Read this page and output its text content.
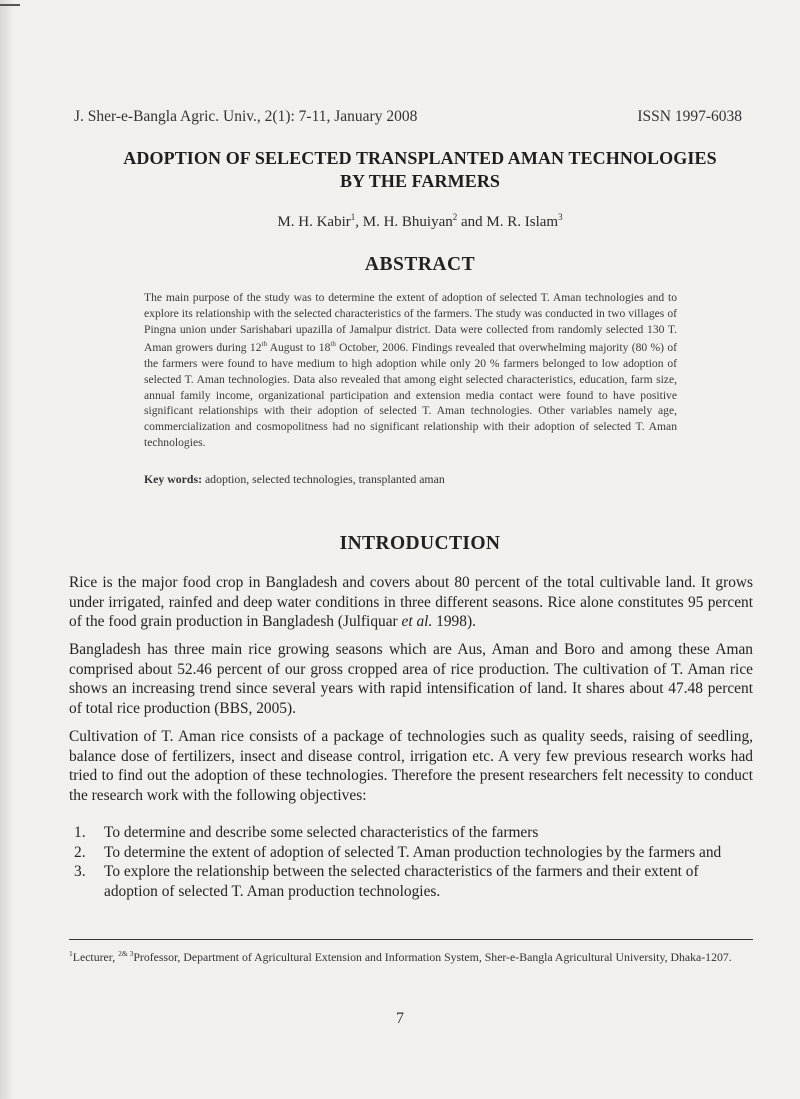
J. Sher-e-Bangla Agric. Univ., 2(1): 7-11, January 2008	ISSN 1997-6038
ADOPTION OF SELECTED TRANSPLANTED AMAN TECHNOLOGIES
BY THE FARMERS
M. H. Kabir$^1$, M. H. Bhuiyan$^2$ and M. R. Islam$^3$
ABSTRACT
The main purpose of the study was to determine the extent of adoption of selected T. Aman technologies and to explore its relationship with the selected characteristics of the farmers. The study was conducted in two villages of Pingna union under Sarishabari upazilla of Jamalpur district. Data were collected from randomly selected 130 T. Aman growers during 12th August to 18th October, 2006. Findings revealed that overwhelming majority (80 %) of the farmers were found to have medium to high adoption while only 20 % farmers belonged to low adoption of selected T. Aman technologies. Data also revealed that among eight selected characteristics, education, farm size, annual family income, organizational participation and extension media contact were found to have positive significant relationships with their adoption of selected T. Aman technologies. Other variables namely age, commercialization and cosmopolitness had no significant relationship with their adoption of selected T. Aman technologies.
Key words: adoption, selected technologies, transplanted aman
INTRODUCTION

Rice is the major food crop in Bangladesh and covers about 80 percent of the total cultivable land. It grows under irrigated, rainfed and deep water conditions in three different seasons. Rice alone constitutes 95 percent of the food grain production in Bangladesh (Julfiquar et al. 1998).

Bangladesh has three main rice growing seasons which are Aus, Aman and Boro and among these Aman comprised about 52.46 percent of our gross cropped area of rice production. The cultivation of T. Aman rice shows an increasing trend since several years with rapid intensification of land. It shares about 47.48 percent of total rice production (BBS, 2005).

Cultivation of T. Aman rice consists of a package of technologies such as quality seeds, raising of seedling, balance dose of fertilizers, insect and disease control, irrigation etc. A very few previous research works had tried to find out the adoption of these technologies. Therefore the present researchers felt necessity to conduct the research work with the following objectives:

1.	To determine and describe some selected characteristics of the farmers
2.	To determine the extent of adoption of selected T. Aman production technologies by the farmers and
3.	To explore the relationship between the selected characteristics of the farmers and their extent of adoption of selected T. Aman production technologies.
$^1$Lecturer, $^{2\& 3}$Professor, Department of Agricultural Extension and Information System, Sher-e-Bangla Agricultural University, Dhaka-1207.
7
